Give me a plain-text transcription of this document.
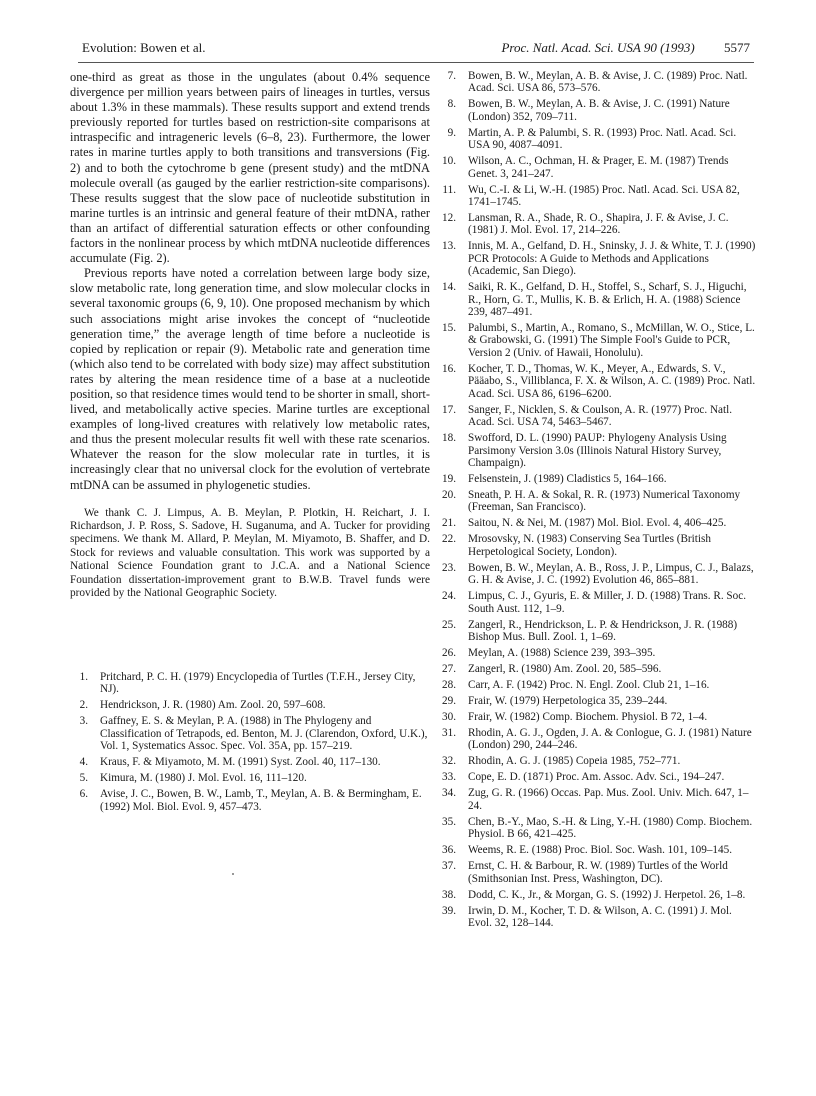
Evolution: Bowen et al.	Proc. Natl. Acad. Sci. USA 90 (1993) 5577

one-third as great as those in the ungulates (about 0.4% sequence divergence per million years between pairs of lineages in turtles, versus about 1.3% in these mammals). These results support and extend trends previously reported for turtles based on restriction-site comparisons at intraspecific and intrageneric levels (6–8, 23). Furthermore, the lower rates in marine turtles apply to both transitions and transversions (Fig. 2) and to both the cytochrome b gene (present study) and the mtDNA molecule overall (as gauged by the earlier restriction-site comparisons). These results suggest that the slow pace of nucleotide substitution in marine turtles is an intrinsic and general feature of their mtDNA, rather than an artifact of differential saturation effects or other confounding factors in the nonlinear process by which mtDNA nucleotide differences accumulate (Fig. 2).

Previous reports have noted a correlation between large body size, slow metabolic rate, long generation time, and slow molecular clocks in several taxonomic groups (6, 9, 10). One proposed mechanism by which such associations might arise invokes the concept of “nucleotide generation time,” the average length of time before a nucleotide is copied by replication or repair (9). Metabolic rate and generation time (which also tend to be correlated with body size) may affect substitution rates by altering the mean residence time of a base at a nucleotide position, so that residence times would tend to be shorter in small, short-lived, and metabolically active species. Marine turtles are exceptional examples of long-lived creatures with relatively low metabolic rates, and thus the present molecular results fit well with these rate scenarios. Whatever the reason for the slow molecular rate in turtles, it is increasingly clear that no universal clock for the evolution of vertebrate mtDNA can be assumed in phylogenetic studies.

We thank C. J. Limpus, A. B. Meylan, P. Plotkin, H. Reichart, J. I. Richardson, J. P. Ross, S. Sadove, H. Suganuma, and A. Tucker for providing specimens. We thank M. Allard, P. Meylan, M. Miyamoto, B. Shaffer, and D. Stock for reviews and valuable consultation. This work was supported by a National Science Foundation grant to J.C.A. and a National Science Foundation dissertation-improvement grant to B.W.B. Travel funds were provided by the National Geographic Society.

1. Pritchard, P. C. H. (1979) Encyclopedia of Turtles (T.F.H., Jersey City, NJ).
2. Hendrickson, J. R. (1980) Am. Zool. 20, 597–608.
3. Gaffney, E. S. & Meylan, P. A. (1988) in The Phylogeny and Classification of Tetrapods, ed. Benton, M. J. (Clarendon, Oxford, U.K.), Vol. 1, Systematics Assoc. Spec. Vol. 35A, pp. 157–219.
4. Kraus, F. & Miyamoto, M. M. (1991) Syst. Zool. 40, 117–130.
5. Kimura, M. (1980) J. Mol. Evol. 16, 111–120.
6. Avise, J. C., Bowen, B. W., Lamb, T., Meylan, A. B. & Bermingham, E. (1992) Mol. Biol. Evol. 9, 457–473.
7. Bowen, B. W., Meylan, A. B. & Avise, J. C. (1989) Proc. Natl. Acad. Sci. USA 86, 573–576.
8. Bowen, B. W., Meylan, A. B. & Avise, J. C. (1991) Nature (London) 352, 709–711.
9. Martin, A. P. & Palumbi, S. R. (1993) Proc. Natl. Acad. Sci. USA 90, 4087–4091.
10. Wilson, A. C., Ochman, H. & Prager, E. M. (1987) Trends Genet. 3, 241–247.
11. Wu, C.-I. & Li, W.-H. (1985) Proc. Natl. Acad. Sci. USA 82, 1741–1745.
12. Lansman, R. A., Shade, R. O., Shapira, J. F. & Avise, J. C. (1981) J. Mol. Evol. 17, 214–226.
13. Innis, M. A., Gelfand, D. H., Sninsky, J. J. & White, T. J. (1990) PCR Protocols: A Guide to Methods and Applications (Academic, San Diego).
14. Saiki, R. K., Gelfand, D. H., Stoffel, S., Scharf, S. J., Higuchi, R., Horn, G. T., Mullis, K. B. & Erlich, H. A. (1988) Science 239, 487–491.
15. Palumbi, S., Martin, A., Romano, S., McMillan, W. O., Stice, L. & Grabowski, G. (1991) The Simple Fool's Guide to PCR, Version 2 (Univ. of Hawaii, Honolulu).
16. Kocher, T. D., Thomas, W. K., Meyer, A., Edwards, S. V., Pääabo, S., Villiblanca, F. X. & Wilson, A. C. (1989) Proc. Natl. Acad. Sci. USA 86, 6196–6200.
17. Sanger, F., Nicklen, S. & Coulson, A. R. (1977) Proc. Natl. Acad. Sci. USA 74, 5463–5467.
18. Swofford, D. L. (1990) PAUP: Phylogeny Analysis Using Parsimony Version 3.0s (Illinois Natural History Survey, Champaign).
19. Felsenstein, J. (1989) Cladistics 5, 164–166.
20. Sneath, P. H. A. & Sokal, R. R. (1973) Numerical Taxonomy (Freeman, San Francisco).
21. Saitou, N. & Nei, M. (1987) Mol. Biol. Evol. 4, 406–425.
22. Mrosovsky, N. (1983) Conserving Sea Turtles (British Herpetological Society, London).
23. Bowen, B. W., Meylan, A. B., Ross, J. P., Limpus, C. J., Balazs, G. H. & Avise, J. C. (1992) Evolution 46, 865–881.
24. Limpus, C. J., Gyuris, E. & Miller, J. D. (1988) Trans. R. Soc. South Aust. 112, 1–9.
25. Zangerl, R., Hendrickson, L. P. & Hendrickson, J. R. (1988) Bishop Mus. Bull. Zool. 1, 1–69.
26. Meylan, A. (1988) Science 239, 393–395.
27. Zangerl, R. (1980) Am. Zool. 20, 585–596.
28. Carr, A. F. (1942) Proc. N. Engl. Zool. Club 21, 1–16.
29. Frair, W. (1979) Herpetologica 35, 239–244.
30. Frair, W. (1982) Comp. Biochem. Physiol. B 72, 1–4.
31. Rhodin, A. G. J., Ogden, J. A. & Conlogue, G. J. (1981) Nature (London) 290, 244–246.
32. Rhodin, A. G. J. (1985) Copeia 1985, 752–771.
33. Cope, E. D. (1871) Proc. Am. Assoc. Adv. Sci., 194–247.
34. Zug, G. R. (1966) Occas. Pap. Mus. Zool. Univ. Mich. 647, 1–24.
35. Chen, B.-Y., Mao, S.-H. & Ling, Y.-H. (1980) Comp. Biochem. Physiol. B 66, 421–425.
36. Weems, R. E. (1988) Proc. Biol. Soc. Wash. 101, 109–145.
37. Ernst, C. H. & Barbour, R. W. (1989) Turtles of the World (Smithsonian Inst. Press, Washington, DC).
38. Dodd, C. K., Jr., & Morgan, G. S. (1992) J. Herpetol. 26, 1–8.
39. Irwin, D. M., Kocher, T. D. & Wilson, A. C. (1991) J. Mol. Evol. 32, 128–144.
